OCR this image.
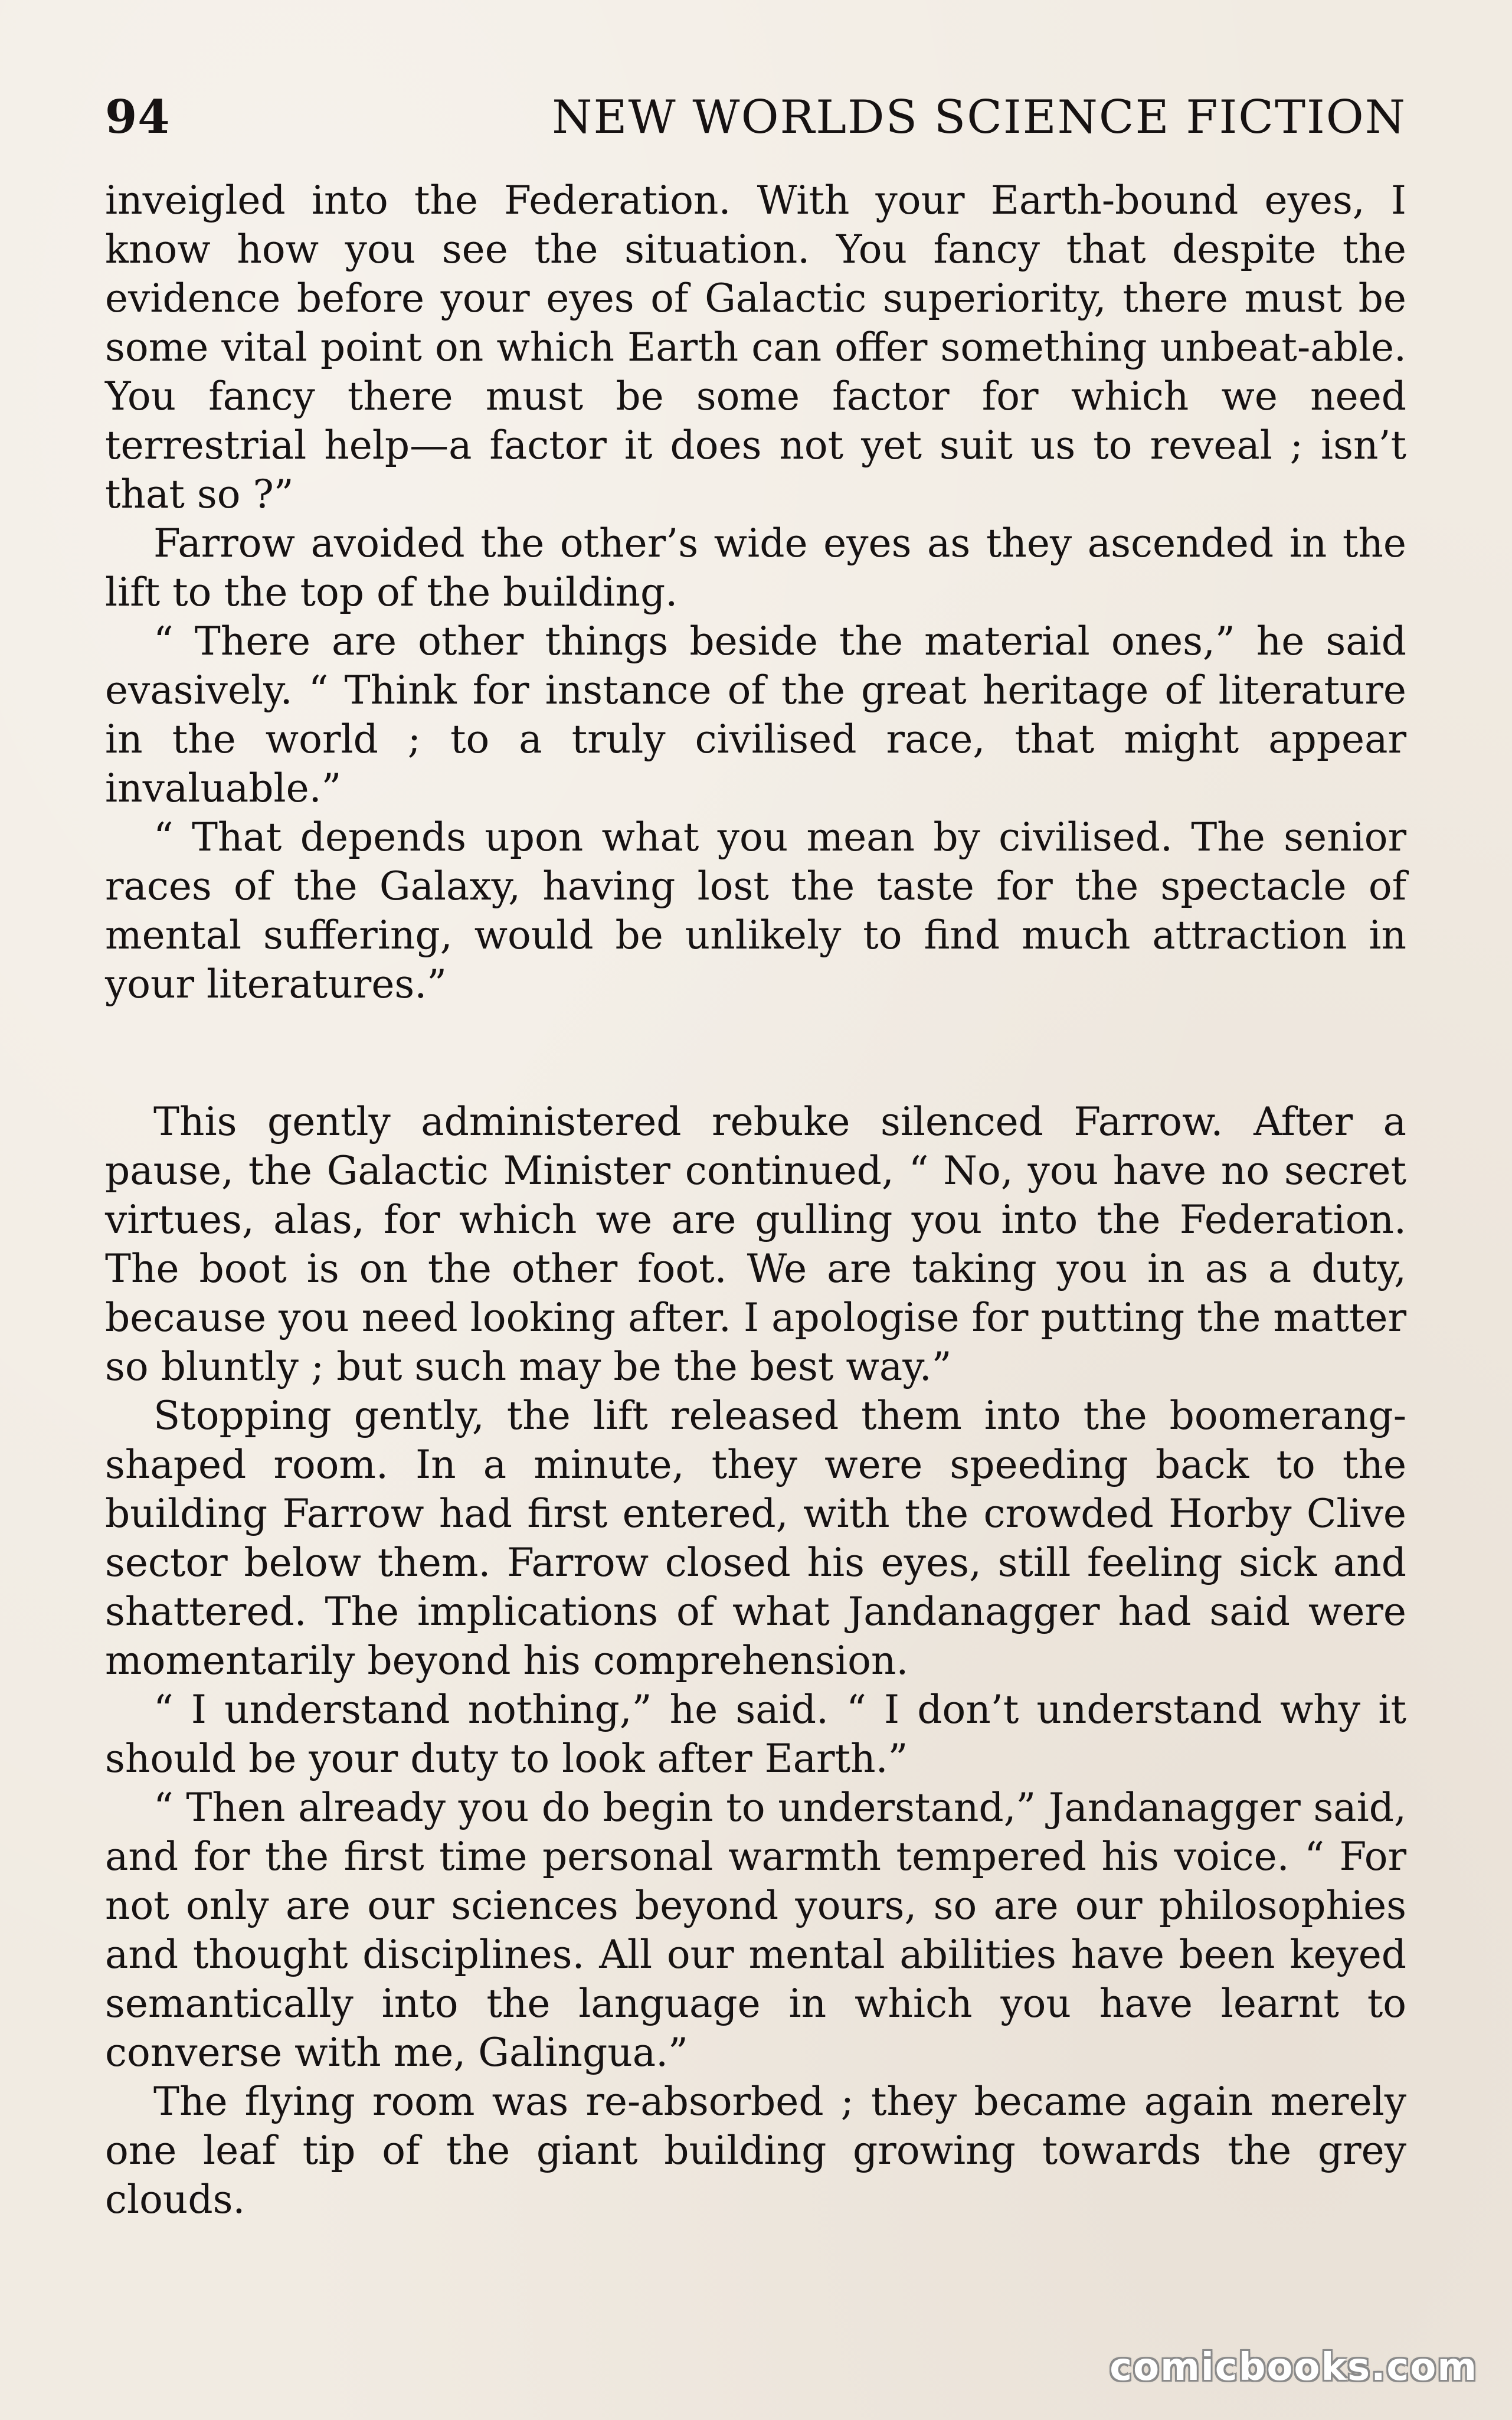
94	NEW WORLDS SCIENCE FICTION

inveigled into the Federation. With your Earth-bound eyes, I know how you see the situation. You fancy that despite the evidence before your eyes of Galactic superiority, there must be some vital point on which Earth can offer something unbeat-able. You fancy there must be some factor for which we need terrestrial help—a factor it does not yet suit us to reveal ; isn’t that so ?”

Farrow avoided the other’s wide eyes as they ascended in the lift to the top of the building.

“ There are other things beside the material ones,” he said evasively. “ Think for instance of the great heritage of literature in the world ; to a truly civilised race, that might appear invaluable.”

“ That depends upon what you mean by civilised. The senior races of the Galaxy, having lost the taste for the spectacle of mental suffering, would be unlikely to find much attraction in your literatures.”

This gently administered rebuke silenced Farrow. After a pause, the Galactic Minister continued, “ No, you have no secret virtues, alas, for which we are gulling you into the Federation. The boot is on the other foot. We are taking you in as a duty, because you need looking after. I apologise for putting the matter so bluntly ; but such may be the best way.”

Stopping gently, the lift released them into the boomerang-shaped room. In a minute, they were speeding back to the building Farrow had first entered, with the crowded Horby Clive sector below them. Farrow closed his eyes, still feeling sick and shattered. The implications of what Jandanagger had said were momentarily beyond his comprehension.

“ I understand nothing,” he said. “ I don’t understand why it should be your duty to look after Earth.”

“ Then already you do begin to understand,” Jandanagger said, and for the first time personal warmth tempered his voice. “ For not only are our sciences beyond yours, so are our philosophies and thought disciplines. All our mental abilities have been keyed semantically into the language in which you have learnt to converse with me, Galingua.”

The flying room was re-absorbed ; they became again merely one leaf tip of the giant building growing towards the grey clouds.

comicbooks.com
